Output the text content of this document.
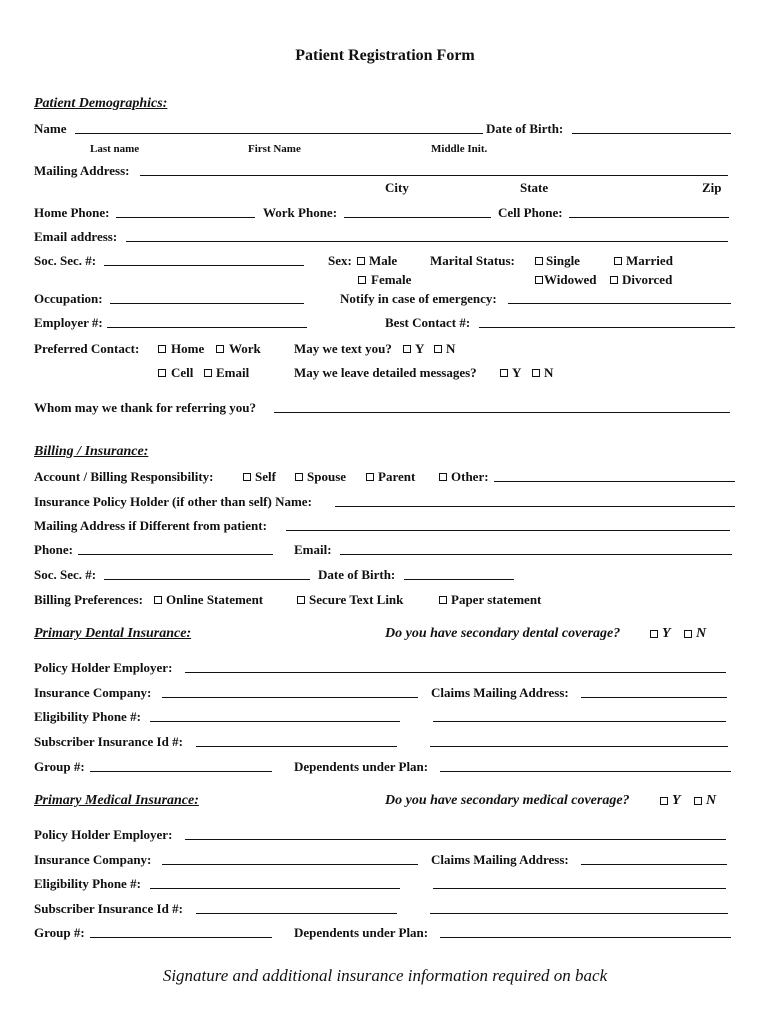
Patient Registration Form
Patient Demographics:
Name	Date of Birth:
Last name	First Name	Middle Init.
Mailing Address:
City	State	Zip
Home Phone:	Work Phone:	Cell Phone:
Email address:
Soc. Sec. #:	Sex: Male
Female
Marital Status: Single	Married
Widowed Divorced
Occupation:	Notify in case of emergency:
Employer #:	Best Contact #:
Preferred Contact: Home Work	May we text you? Y N
Cell Email	May we leave detailed messages?	Y N
Whom may we thank for referring you?
Billing / Insurance:
Account / Billing Responsibility:	Self Spouse Parent	Other:
Insurance Policy Holder (if other than self) Name:
Mailing Address if Different from patient:
Phone:	Email:
Soc. Sec. #:	Date of Birth:
Billing Preferences: Online Statement	Secure Text Link	Paper statement
Primary Dental Insurance:	Do you have secondary dental coverage?	Y N
Policy Holder Employer:
Insurance Company:	Claims Mailing Address:
Eligibility Phone #:
Subscriber Insurance Id #:
Group #:	Dependents under Plan:
Primary Medical Insurance:	Do you have secondary medical coverage?	Y N
Policy Holder Employer:
Insurance Company:	Claims Mailing Address:
Eligibility Phone #:
Subscriber Insurance Id #:
Group #:	Dependents under Plan:
Signature and additional insurance information required on back
